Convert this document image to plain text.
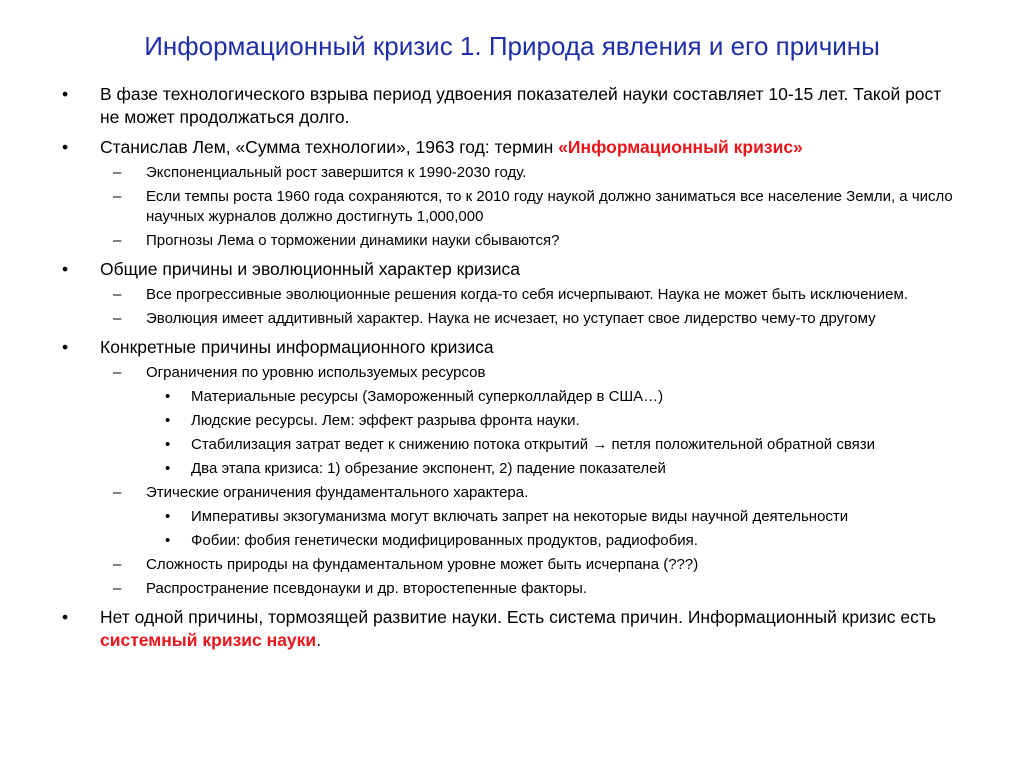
Информационный кризис 1. Природа явления и его причины
• В фазе технологического взрыва период удвоения показателей науки составляет 10-15 лет. Такой рост не может продолжаться долго.
• Станислав Лем, «Сумма технологии», 1963 год: термин «Информационный кризис»
– Экспоненциальный рост завершится к 1990-2030 году.
– Если темпы роста 1960 года сохраняются, то к 2010 году наукой должно заниматься все население Земли, а число научных журналов должно достигнуть 1,000,000
– Прогнозы Лема о торможении динамики науки сбываются?
• Общие причины и эволюционный характер кризиса
– Все прогрессивные эволюционные решения когда-то себя исчерпывают. Наука не может быть исключением.
– Эволюция имеет аддитивный характер. Наука не исчезает, но уступает свое лидерство чему-то другому
• Конкретные причины информационного кризиса
– Ограничения по уровню используемых ресурсов
• Материальные ресурсы (Замороженный суперколлайдер в США…)
• Людские ресурсы. Лем: эффект разрыва фронта науки.
• Стабилизация затрат ведет к снижению потока открытий → петля положительной обратной связи
• Два этапа кризиса: 1) обрезание экспонент, 2) падение показателей
– Этические ограничения фундаментального характера.
• Императивы экзогуманизма могут включать запрет на некоторые виды научной деятельности
• Фобии: фобия генетически модифицированных продуктов, радиофобия.
– Сложность природы на фундаментальном уровне может быть исчерпана (???)
– Распространение псевдонауки и др. второстепенные факторы.
• Нет одной причины, тормозящей развитие науки. Есть система причин. Информационный кризис есть системный кризис науки.
